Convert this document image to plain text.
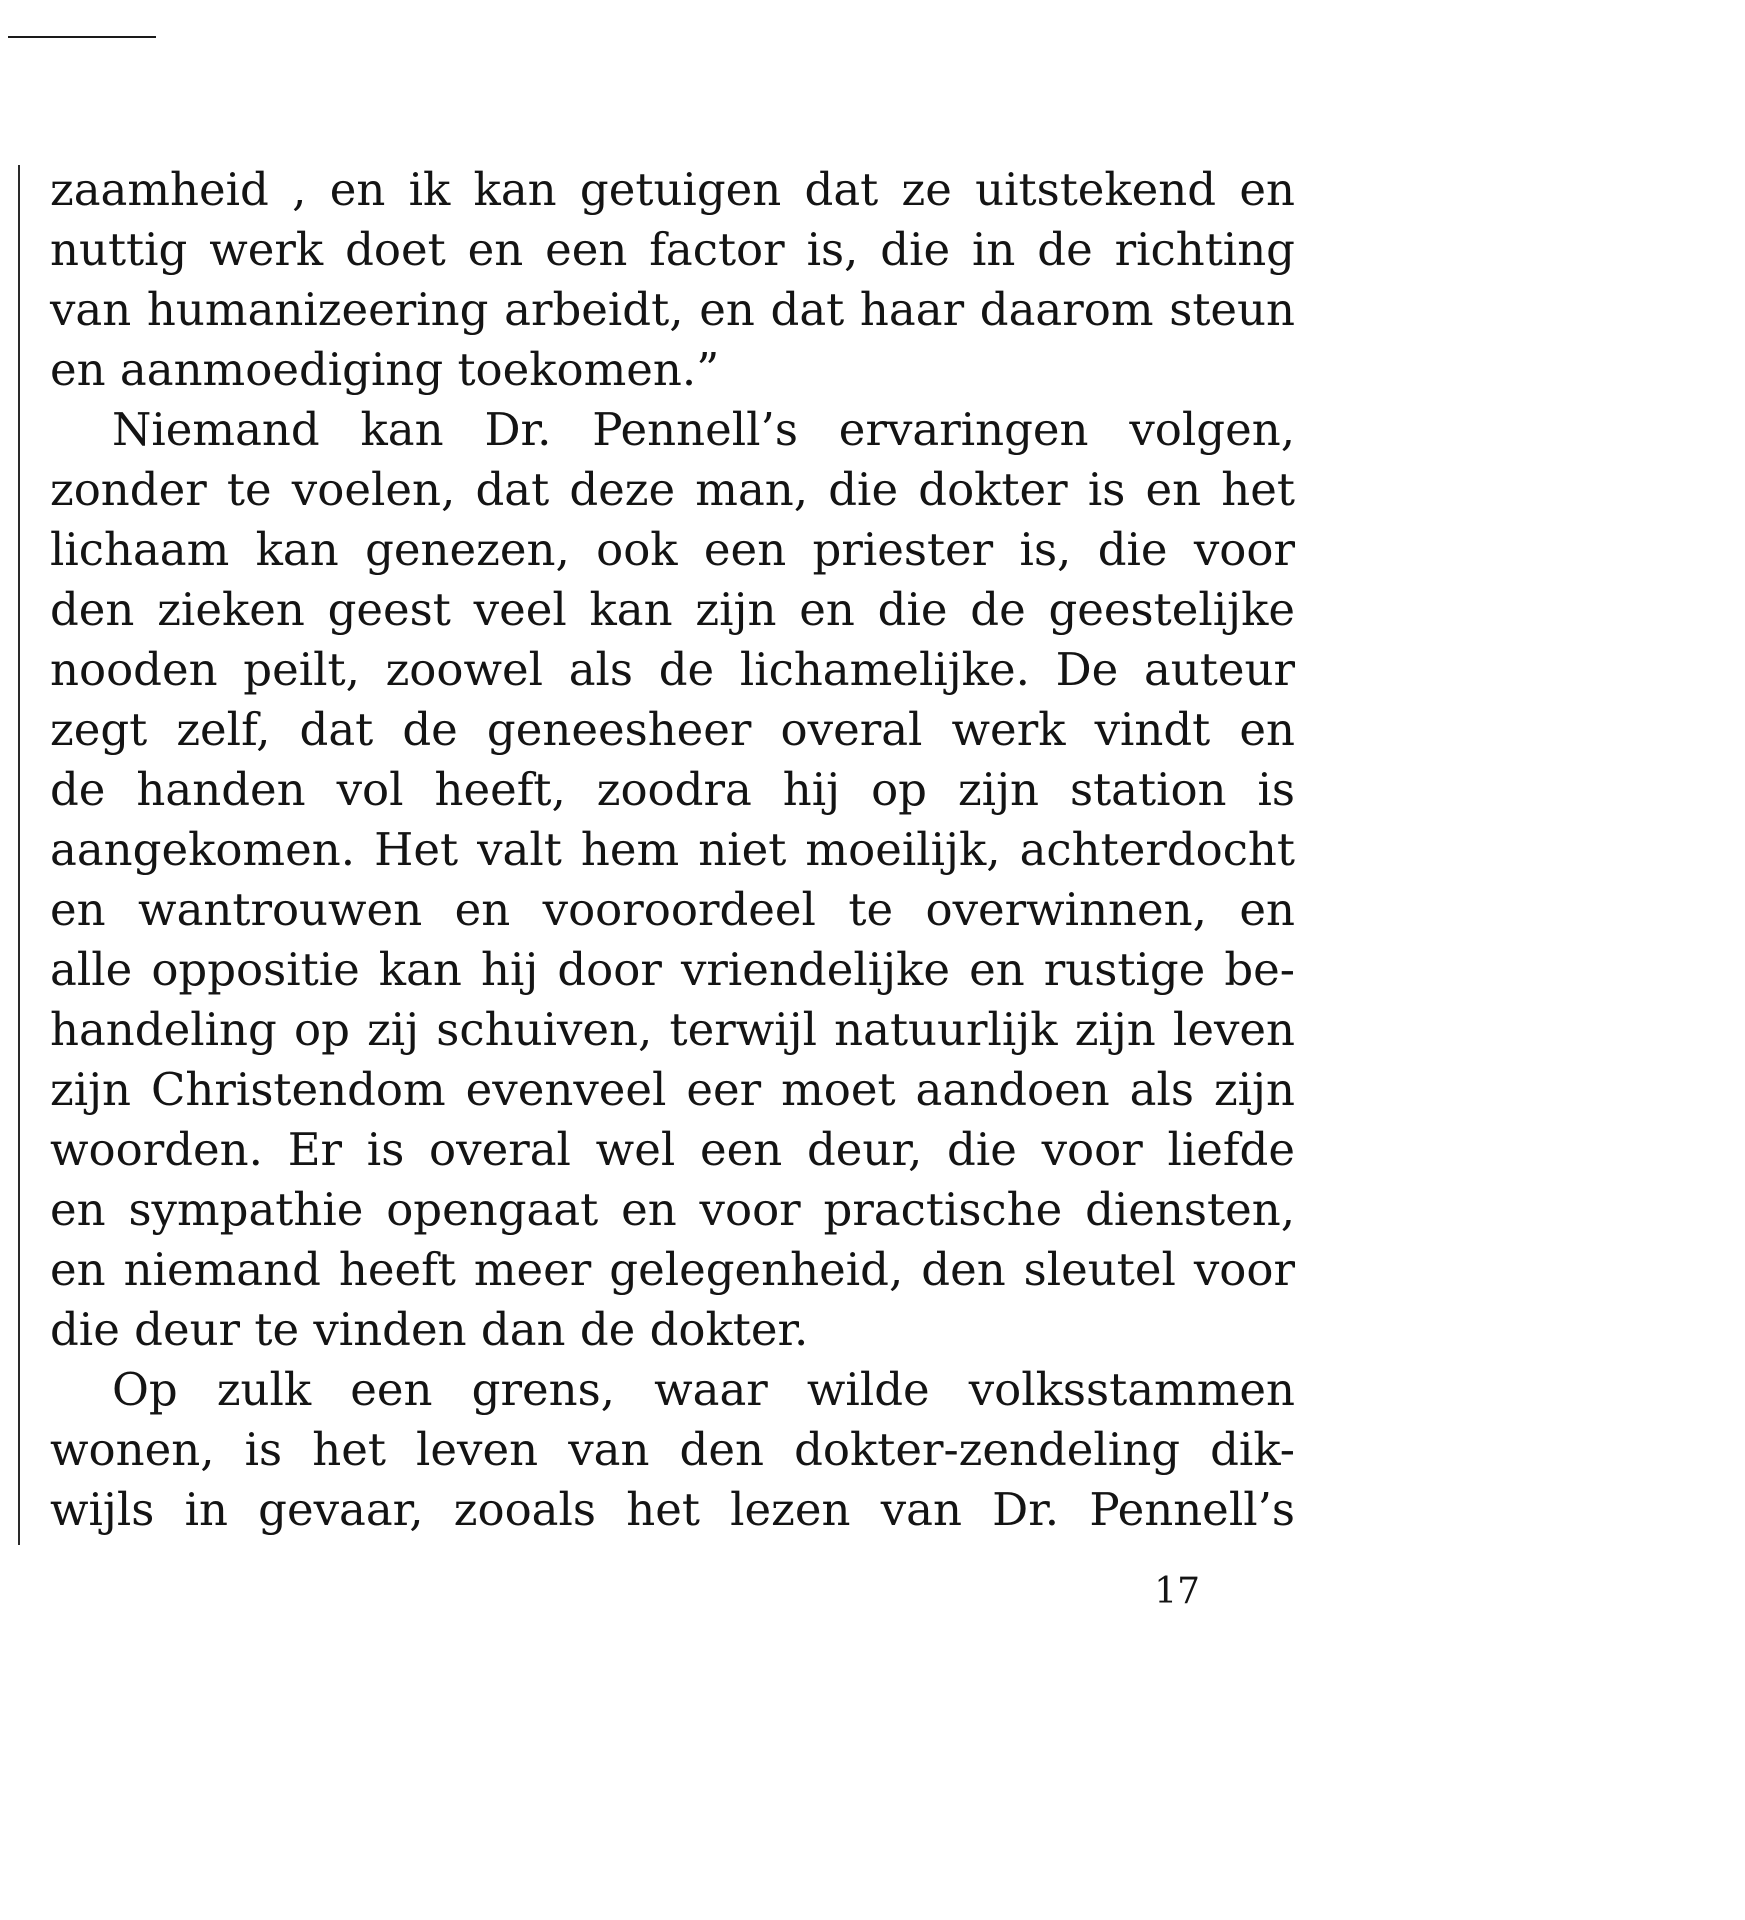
zaamheid , en ik kan getuigen dat ze uitstekend en
nuttig werk doet en een factor is, die in de richting
van humanizeering arbeidt, en dat haar daarom steun
en aanmoediging toekomen.”
Niemand kan Dr. Pennell’s ervaringen volgen,
zonder te voelen, dat deze man, die dokter is en het
lichaam kan genezen, ook een priester is, die voor
den zieken geest veel kan zijn en die de geestelijke
nooden peilt, zoowel als de lichamelijke. De auteur
zegt zelf, dat de geneesheer overal werk vindt en
de handen vol heeft, zoodra hij op zijn station is
aangekomen. Het valt hem niet moeilijk, achterdocht
en wantrouwen en vooroordeel te overwinnen, en
alle oppositie kan hij door vriendelijke en rustige be-
handeling op zij schuiven, terwijl natuurlijk zijn leven
zijn Christendom evenveel eer moet aandoen als zijn
woorden. Er is overal wel een deur, die voor liefde
en sympathie opengaat en voor practische diensten,
en niemand heeft meer gelegenheid, den sleutel voor
die deur te vinden dan de dokter.
Op zulk een grens, waar wilde volksstammen
wonen, is het leven van den dokter-zendeling dik-
wijls in gevaar, zooals het lezen van Dr. Pennell’s
17
